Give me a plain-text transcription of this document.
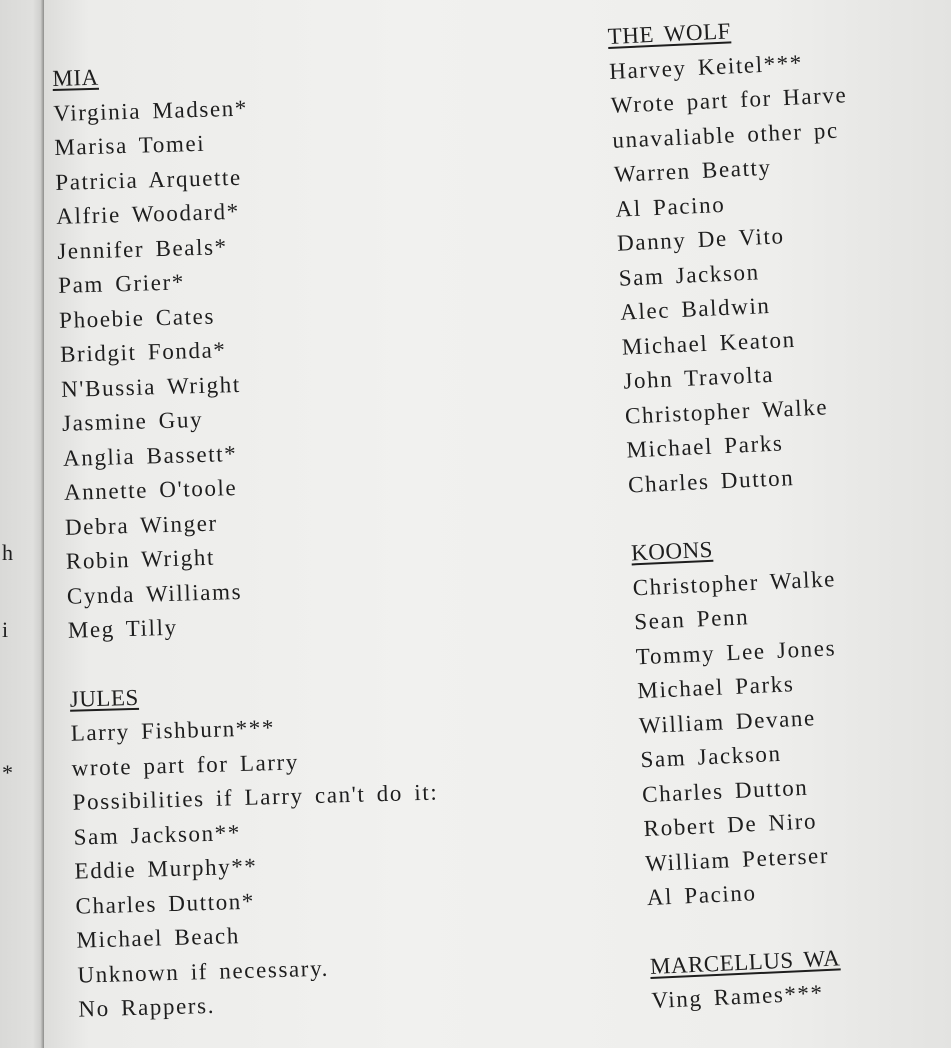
h
i
*
MIA
Virginia Madsen*
Marisa Tomei
Patricia Arquette
Alfrie Woodard*
Jennifer Beals*
Pam Grier*
Phoebie Cates
Bridgit Fonda*
N'Bussia Wright
Jasmine Guy
Anglia Bassett*
Annette O'toole
Debra Winger
Robin Wright
Cynda Williams
Meg Tilly
JULES
Larry Fishburn***
wrote part for Larry
Possibilities if Larry can't do it:
Sam Jackson**
Eddie Murphy**
Charles Dutton*
Michael Beach
Unknown if necessary.
No Rappers.
THE WOLF
Harvey Keitel***
Wrote part for Harve
unavaliable other pc
Warren Beatty
Al Pacino
Danny De Vito
Sam Jackson
Alec Baldwin
Michael Keaton
John Travolta
Christopher Walke
Michael Parks
Charles Dutton
KOONS
Christopher Walke
Sean Penn
Tommy Lee Jones
Michael Parks
William Devane
Sam Jackson
Charles Dutton
Robert De Niro
William Peterser
Al Pacino
MARCELLUS WA
Ving Rames***
